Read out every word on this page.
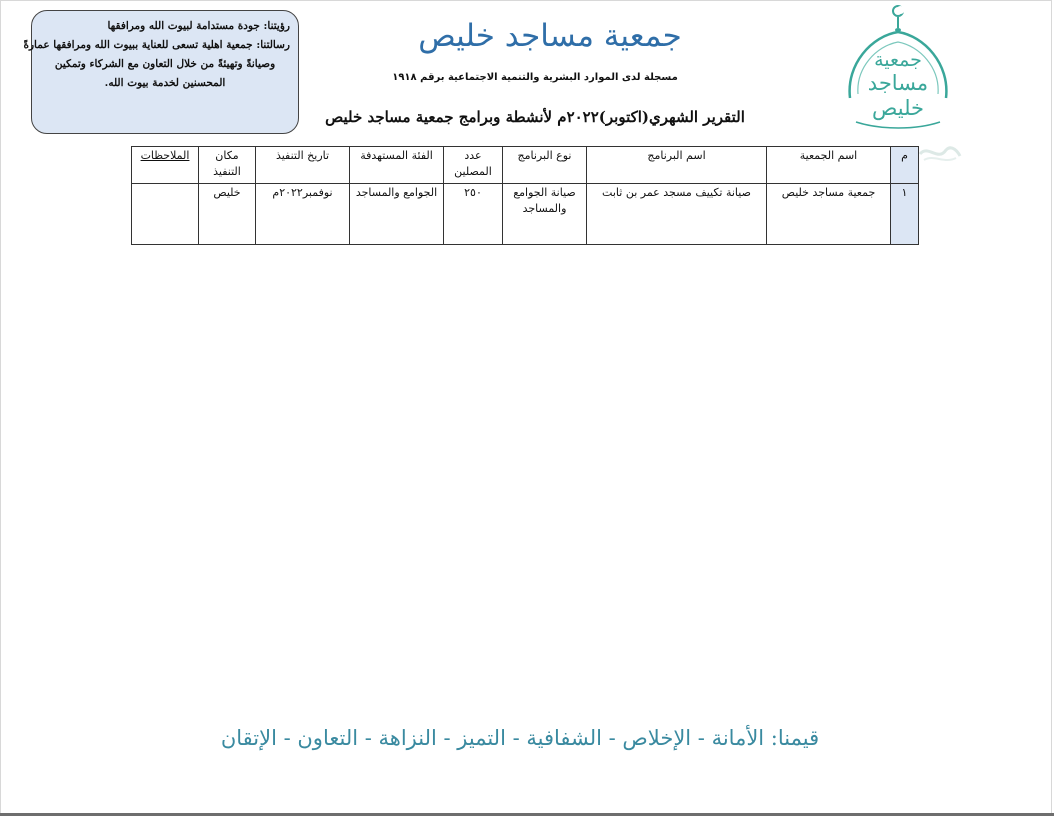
رؤيتنا: جودة مستدامة لبيوت الله ومرافقها
رسالتنا: جمعية اهلية تسعى للعناية ببيوت الله ومرافقها عمارةً
وصيانةً وتهيئةً من خلال التعاون مع الشركاء وتمكين
المحسنين لخدمة بيوت الله.
جمعية مساجد خليص
مسجلة لدى الموارد البشرية والتنمية الاجتماعية برقم ١٩١٨
التقرير الشهري(اكتوبر)٢٠٢٢م لأنشطة وبرامج جمعية مساجد خليص
جمعية
مساجد
خليص
م	اسم الجمعية	اسم البرنامج	نوع البرنامج	عدد المصلين	الفئة المستهدفة	تاريخ التنفيذ	مكان التنفيذ	الملاحظات
١	جمعية مساجد خليص	صيانة تكييف مسجد عمر بن ثابت	صيانة الجوامع والمساجد	٢٥٠	الجوامع والمساجد	نوفمبر٢٠٢٢م	خليص	
قيمنا: الأمانة - الإخلاص - الشفافية - التميز - النزاهة - التعاون - الإتقان
